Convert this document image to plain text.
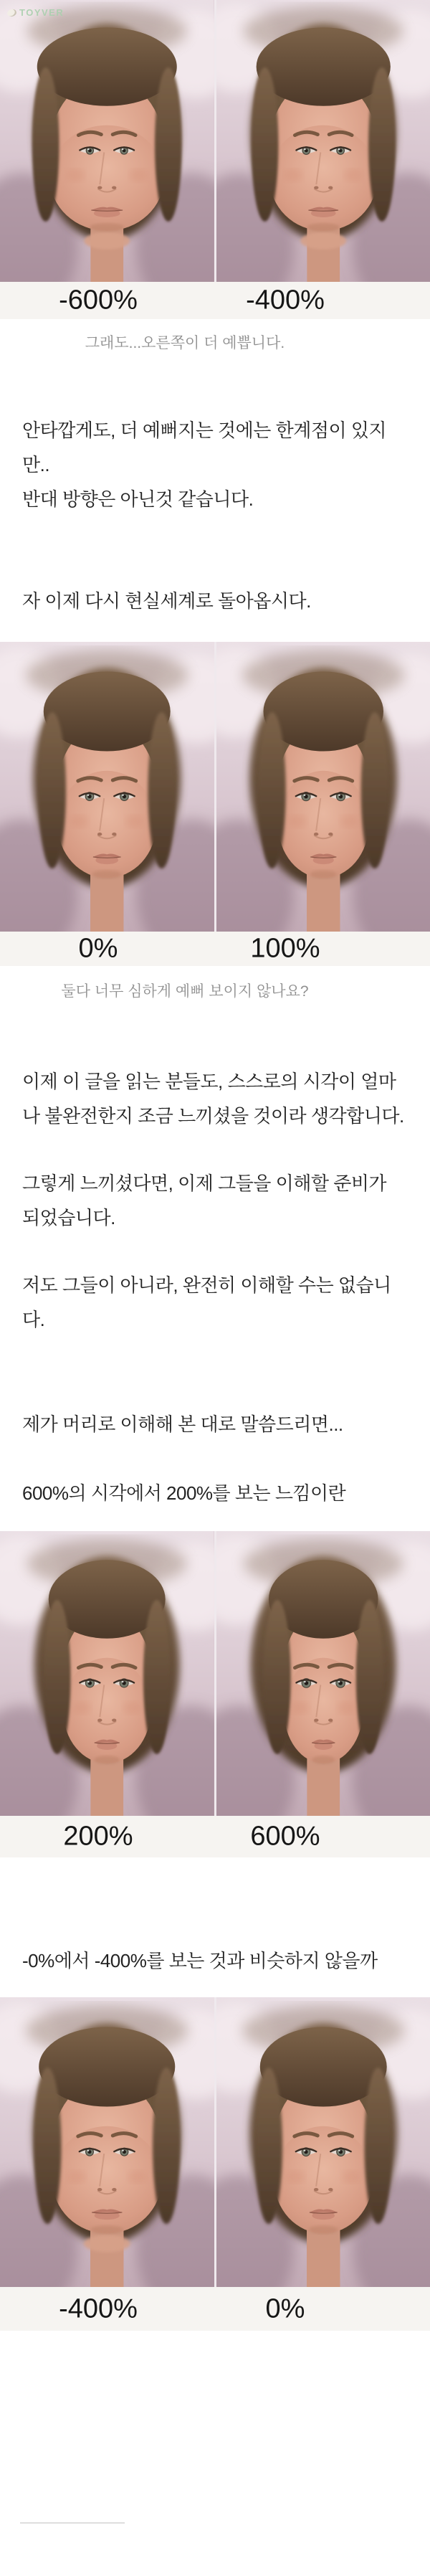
TOYVER
-600%	-400%
그래도...오른쪽이 더 예쁩니다.
안타깝게도, 더 예뻐지는 것에는 한계점이 있지
만..
반대 방향은 아닌것 같습니다.
자 이제 다시 현실세계로 돌아옵시다.
0%	100%
둘다 너무 심하게 예뻐 보이지 않나요?
이제 이 글을 읽는 분들도, 스스로의 시각이 얼마
나 불완전한지 조금 느끼셨을 것이라 생각합니다.
그렇게 느끼셨다면, 이제 그들을 이해할 준비가
되었습니다.
저도 그들이 아니라, 완전히 이해할 수는 없습니
다.
제가 머리로 이해해 본 대로 말씀드리면...
600%의 시각에서 200%를 보는 느낌이란
200%	600%
-0%에서 -400%를 보는 것과 비슷하지 않을까
-400%	0%
